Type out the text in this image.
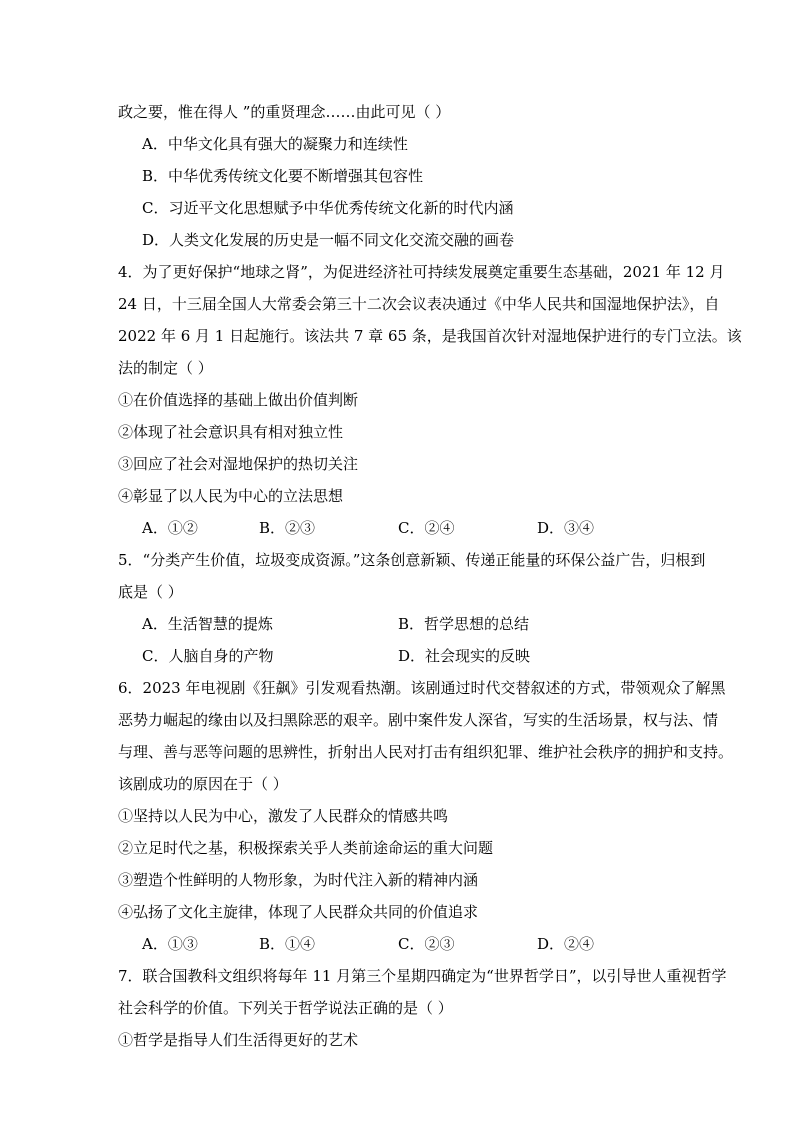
政之要，惟在得人 ”的重贤理念……由此可见（ ）
A．中华文化具有强大的凝聚力和连续性
B．中华优秀传统文化要不断增强其包容性
C．习近平文化思想赋予中华优秀传统文化新的时代内涵
D．人类文化发展的历史是一幅不同文化交流交融的画卷
4．为了更好保护“地球之肾”，为促进经济社可持续发展奠定重要生态基础，2021 年 12 月
24 日，十三届全国人大常委会第三十二次会议表决通过《中华人民共和国湿地保护法》，自
2022 年 6 月 1 日起施行。该法共 7 章 65 条，是我国首次针对湿地保护进行的专门立法。该
法的制定（ ）
①在价值选择的基础上做出价值判断
②体现了社会意识具有相对独立性
③回应了社会对湿地保护的热切关注
④彰显了以人民为中心的立法思想
A．①②	B．②③	C．②④	D．③④
5．“分类产生价值，垃圾变成资源。”这条创意新颖、传递正能量的环保公益广告，归根到
底是（ ）
A．生活智慧的提炼	B．哲学思想的总结
C．人脑自身的产物	D．社会现实的反映
6．2023 年电视剧《狂飙》引发观看热潮。该剧通过时代交替叙述的方式，带领观众了解黑
恶势力崛起的缘由以及扫黑除恶的艰辛。剧中案件发人深省，写实的生活场景，权与法、情
与理、善与恶等问题的思辨性，折射出人民对打击有组织犯罪、维护社会秩序的拥护和支持。
该剧成功的原因在于（ ）
①坚持以人民为中心，激发了人民群众的情感共鸣
②立足时代之基，积极探索关乎人类前途命运的重大问题
③塑造个性鲜明的人物形象，为时代注入新的精神内涵
④弘扬了文化主旋律，体现了人民群众共同的价值追求
A．①③	B．①④	C．②③	D．②④
7．联合国教科文组织将每年 11 月第三个星期四确定为“世界哲学日”，以引导世人重视哲学
社会科学的价值。下列关于哲学说法正确的是（ ）
①哲学是指导人们生活得更好的艺术
